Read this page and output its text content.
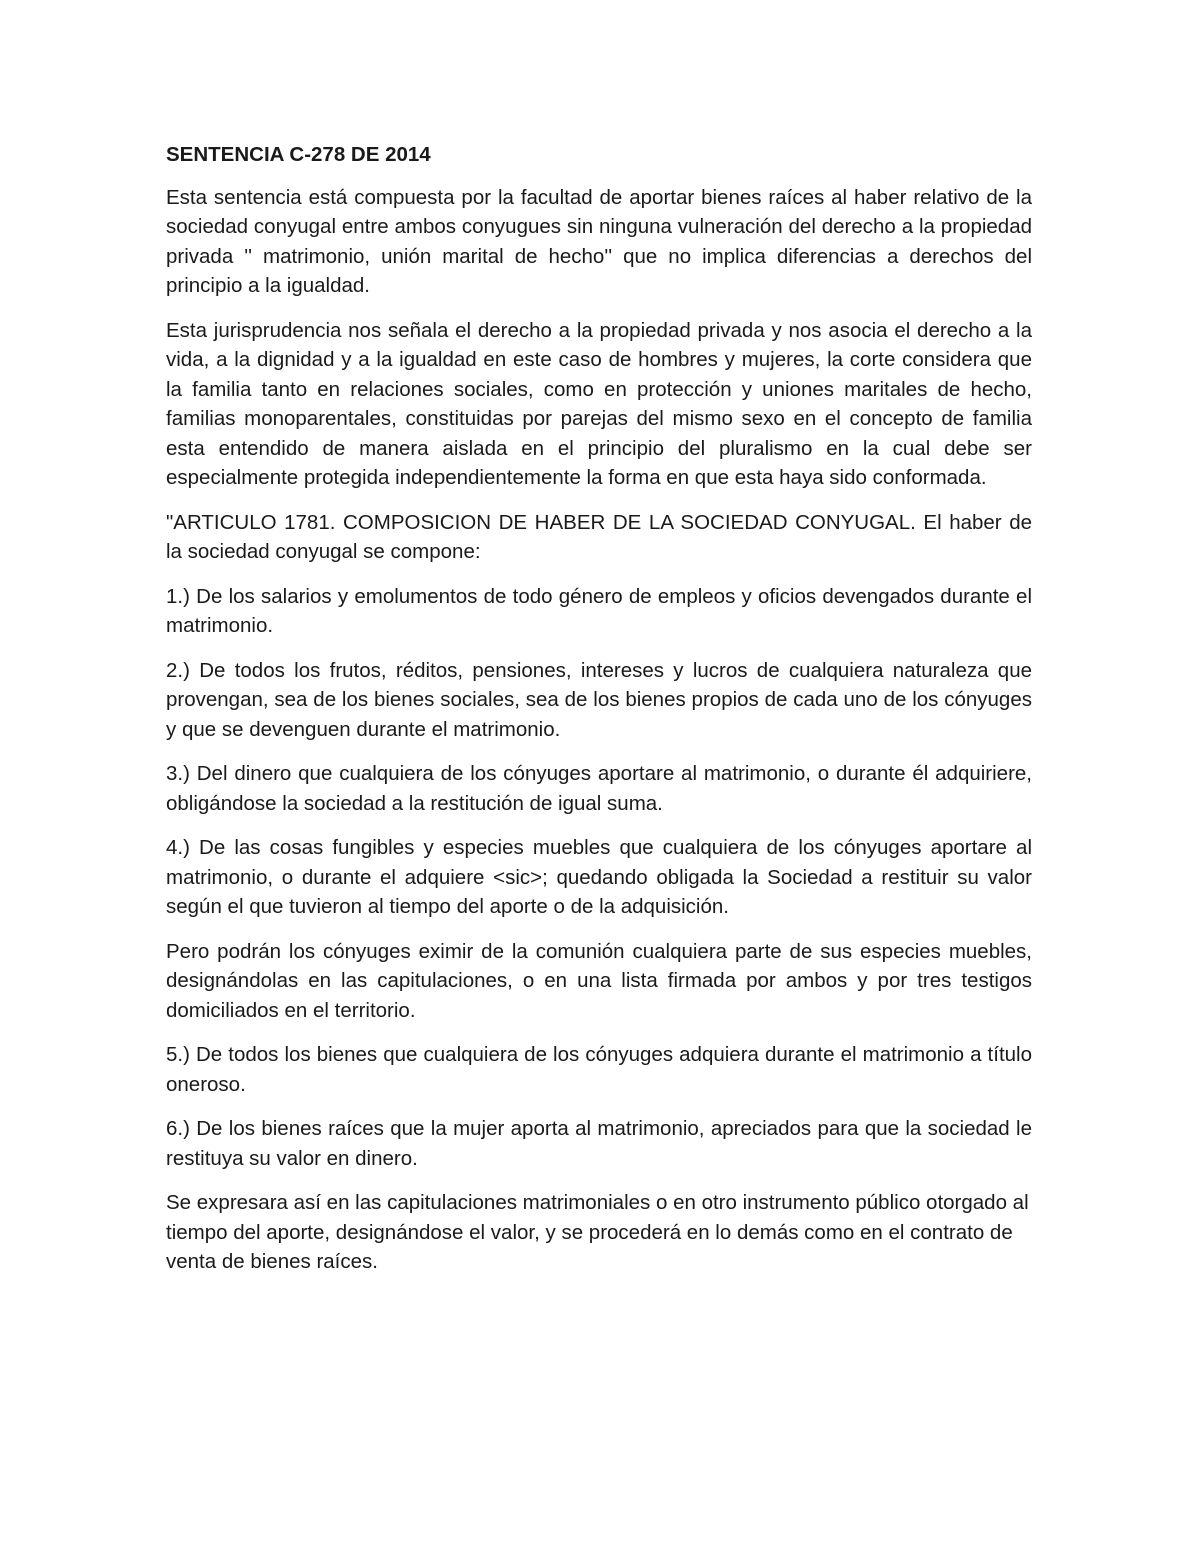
SENTENCIA C-278 DE 2014

Esta sentencia está compuesta por la facultad de aportar bienes raíces al haber relativo de la sociedad conyugal entre ambos conyugues sin ninguna vulneración del derecho a la propiedad privada '' matrimonio, unión marital de hecho'' que no implica diferencias a derechos del principio a la igualdad.

Esta jurisprudencia nos señala el derecho a la propiedad privada y nos asocia el derecho a la vida, a la dignidad y a la igualdad en este caso de hombres y mujeres, la corte considera que la familia tanto en relaciones sociales, como en protección y uniones maritales de hecho, familias monoparentales, constituidas por parejas del mismo sexo en el concepto de familia esta entendido de manera aislada en el principio del pluralismo en la cual debe ser especialmente protegida independientemente la forma en que esta haya sido conformada.

"ARTICULO 1781. COMPOSICION DE HABER DE LA SOCIEDAD CONYUGAL. El haber de la sociedad conyugal se compone:

1.) De los salarios y emolumentos de todo género de empleos y oficios devengados durante el matrimonio.

2.) De todos los frutos, réditos, pensiones, intereses y lucros de cualquiera naturaleza que provengan, sea de los bienes sociales, sea de los bienes propios de cada uno de los cónyuges y que se devenguen durante el matrimonio.

3.) Del dinero que cualquiera de los cónyuges aportare al matrimonio, o durante él adquiriere, obligándose la sociedad a la restitución de igual suma.

4.) De las cosas fungibles y especies muebles que cualquiera de los cónyuges aportare al matrimonio, o durante el adquiere <sic>; quedando obligada la Sociedad a restituir su valor según el que tuvieron al tiempo del aporte o de la adquisición.

Pero podrán los cónyuges eximir de la comunión cualquiera parte de sus especies muebles, designándolas en las capitulaciones, o en una lista firmada por ambos y por tres testigos domiciliados en el territorio.

5.) De todos los bienes que cualquiera de los cónyuges adquiera durante el matrimonio a título oneroso.

6.) De los bienes raíces que la mujer aporta al matrimonio, apreciados para que la sociedad le restituya su valor en dinero.

Se expresara así en las capitulaciones matrimoniales o en otro instrumento público otorgado al tiempo del aporte, designándose el valor, y se procederá en lo demás como en el contrato de venta de bienes raíces.
